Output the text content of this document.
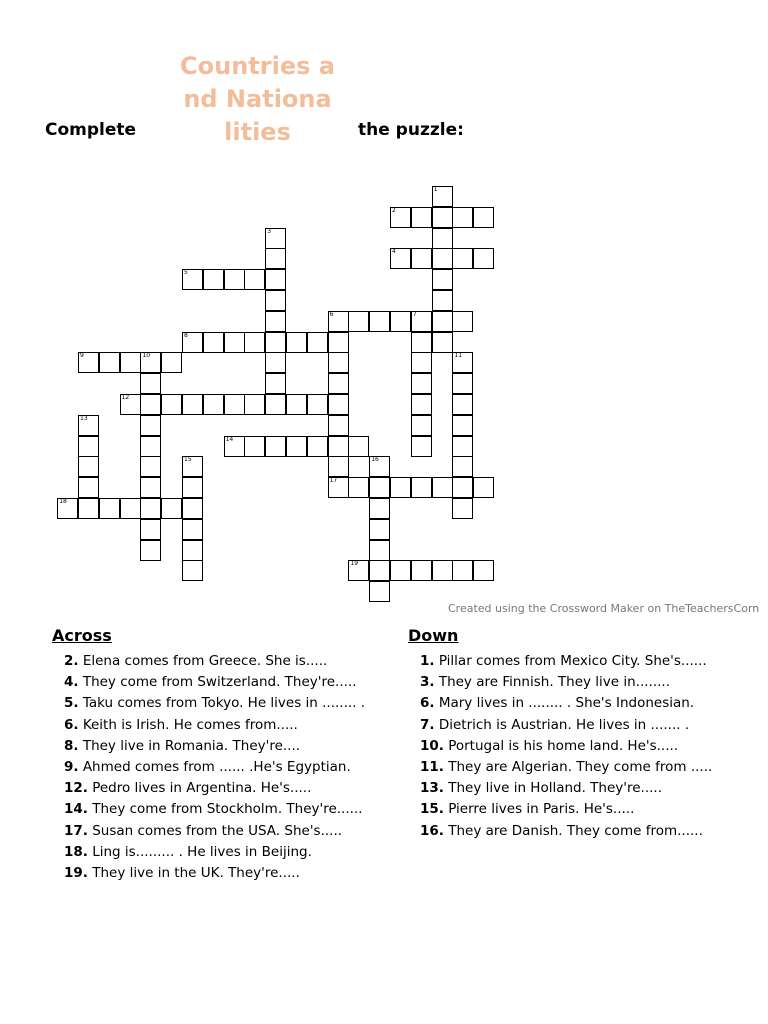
Complete
Countries and Nationalities	the puzzle:
1
2
3
4
5
6	7
17
8
9	10	11
12
13
14
15	16
18
19
Created using the Crossword Maker on TheTeachersCorn
Across
2. Elena comes from Greece. She is.....
4. They come from Switzerland. They're.....
5. Taku comes from Tokyo. He lives in ........ .
6. Keith is Irish. He comes from.....
8. They live in Romania. They're....
9. Ahmed comes from ...... .He's Egyptian.
12. Pedro lives in Argentina. He's.....
14. They come from Stockholm. They're......
17. Susan comes from the USA. She's.....
18. Ling is......... . He lives in Beijing.
19. They live in the UK. They're.....
Down
1. Pillar comes from Mexico City. She's......
3. They are Finnish. They live in........
6. Mary lives in ........ . She's Indonesian.
7. Dietrich is Austrian. He lives in ....... .
10. Portugal is his home land. He's.....
11. They are Algerian. They come from .....
13. They live in Holland. They're.....
15. Pierre lives in Paris. He's.....
16. They are Danish. They come from......
